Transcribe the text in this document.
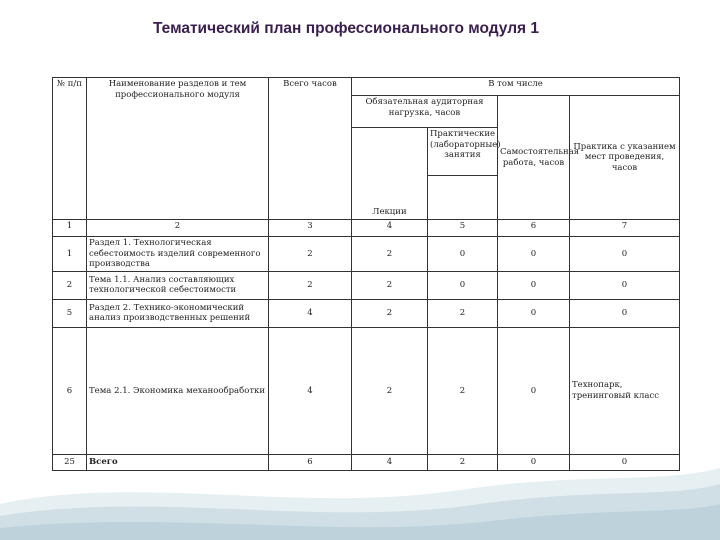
Тематический план профессионального модуля 1
№ п/п	Наименование разделов и тем профессионального модуля	Всего часов	В том числе			
			Обязательная аудиторная нагрузка, часов		Самостоятельная работа, часов	Практика с указанием мест проведения, часов
			Лекции	Практические (лабораторные) занятия		

1	2	3	4	5	6	7
1	Раздел 1. Технологическая себестоимость изделий современного производства	2	2	0	0	0
2	Тема 1.1. Анализ составляющих технологической себестоимости	2	2	0	0	0
5	Раздел 2. Технико-экономический анализ производственных решений	4	2	2	0	0
6	Тема 2.1. Экономика механообработки	4	2	2	0	Технопарк, тренинговый класс
25	Всего	6	4	2	0	0
